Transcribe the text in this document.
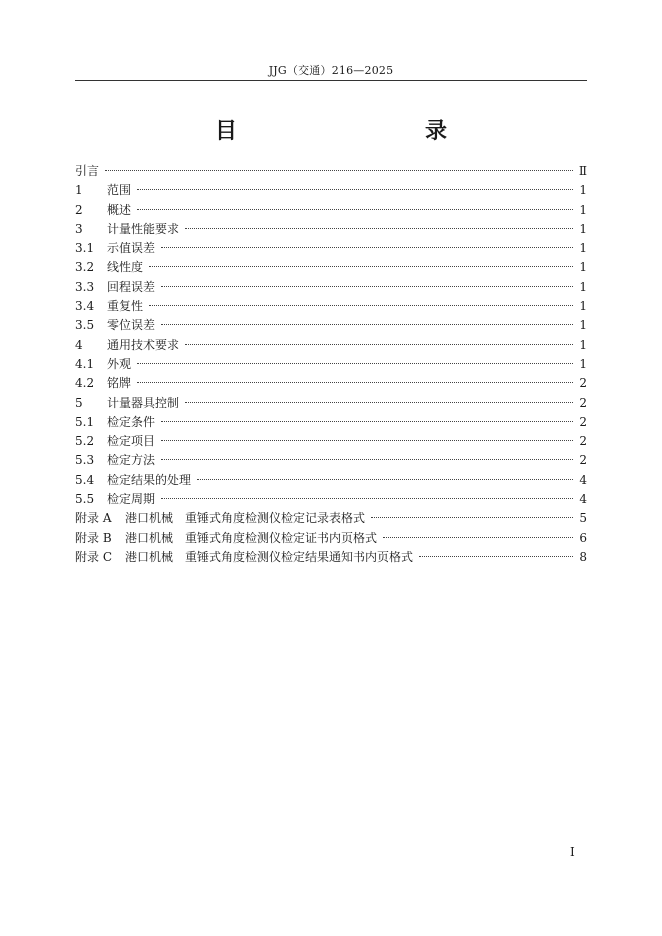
JJG（交通）216—2025
目　　录
引言	Ⅱ
1	范围	1
2	概述	1
3	计量性能要求	1
3.1	示值误差	1
3.2	线性度	1
3.3	回程误差	1
3.4	重复性	1
3.5	零位误差	1
4	通用技术要求	1
4.1	外观	1
4.2	铭牌	2
5	计量器具控制	2
5.1	检定条件	2
5.2	检定项目	2
5.3	检定方法	2
5.4	检定结果的处理	4
5.5	检定周期	4
附录 A	港口机械　重锤式角度检测仪检定记录表格式	5
附录 B	港口机械　重锤式角度检测仪检定证书内页格式	6
附录 C	港口机械　重锤式角度检测仪检定结果通知书内页格式	8
Ⅰ
